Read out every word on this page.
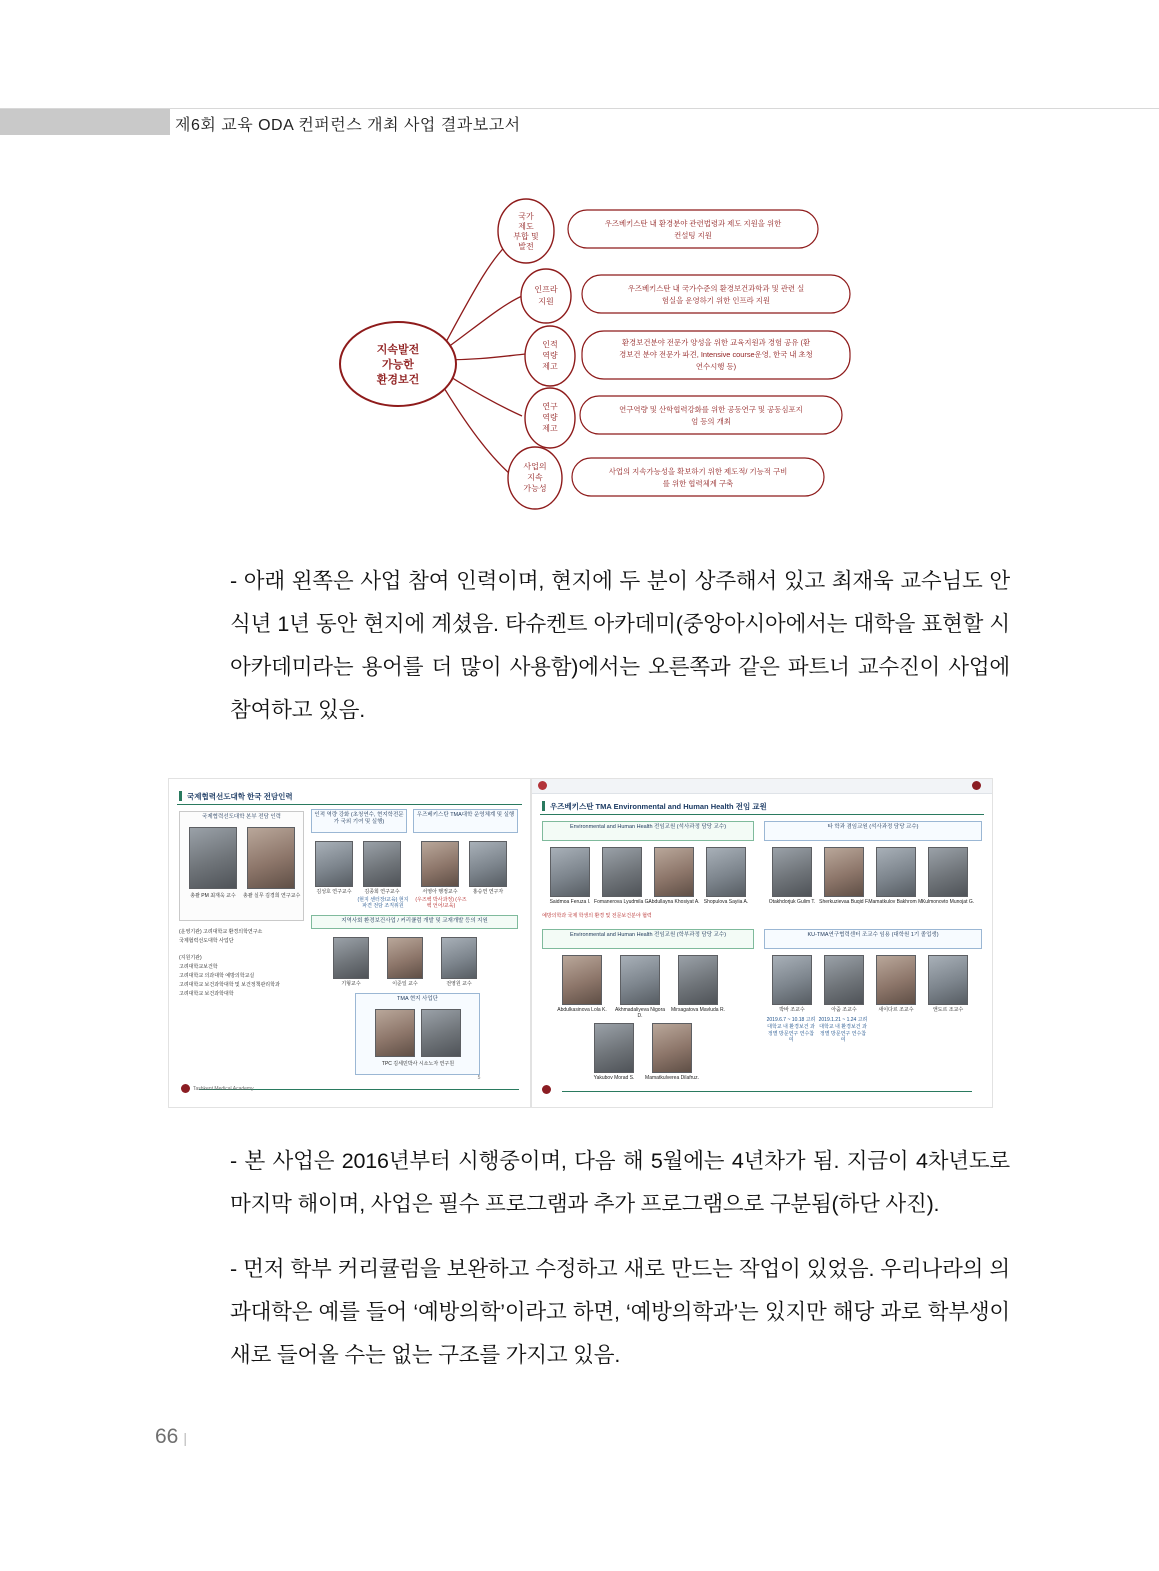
제6회 교육 ODA 컨퍼런스 개최 사업 결과보고서
지속발전
가능한
환경보건
국가
제도
부합 및
발전
우즈베키스탄 내 환경분야 관련법령과 제도 지원을 위한
컨설팅 지원
인프라
지원
우즈베키스탄 내 국가수준의 환경보건과학과 및 관련 실
험실을 운영하기 위한 인프라 지원
인적
역량
제고
환경보건분야 전문가 양성을 위한 교육지원과 경험 공유 (환
경보건 분야 전문가 파견, Intensive course운영, 한국 내 초청
연수시행 등)
연구
역량
제고
연구역량 및 산학협력강화를 위한 공동연구 및 공동심포지
엄 등의 개최
사업의
지속
가능성
사업의 지속가능성을 확보하기 위한 제도적/ 기능적 구비
를 위한 협력체계 구축
- 아래 왼쪽은 사업 참여 인력이며, 현지에 두 분이 상주해서 있고 최재욱 교수님도 안식년 1년 동안 현지에 계셨음. 타슈켄트 아카데미(중앙아시아에서는 대학을 표현할 시 아카데미라는 용어를 더 많이 사용함)에서는 오른쪽과 같은 파트너 교수진이 사업에 참여하고 있음.
국제협력선도대학 한국 전담인력
국제협력선도대학 본부 전담 인력
총괄 PM 최재욱 교수	총괄 실무 김경희 연구교수
인적 역량 강화 (초청연수, 현지학전문가 국외 기여 및 실행)
우즈베키스탄 TMA대학 운영체계 및 실행
김성호 연구교수	김종희 연구교수	서영아 행정교수	홍승연 연구자
(현지 센터장/교육) 현지 파견 전담 조직위원
(우즈벡 박사과정) (우즈벡 언어/교육)
지역사회 환경보건사업 / 커리큘럼 개발 및 교재개발 등의 지원
기형교수	이준일 교수	전영원 교수
TMA 현지 사업단
TPC 김세민박사 시소노자 연구원
(운영기관) 고려대학교 환경의학연구소
국제협력선도대학 사업단
(지원기관)
고려대학교보건학
고려대학교 의과대학 예방의학교실
고려대학교 보건과학대학 및 보건정책관리학과
고려대학교 보건과학대학
Tashkent Medical Academy
우즈베키스탄 TMA Environmental and Human Health 전임 교원
Environmental and Human Health 전임교원 (석사과정 담당 교수)	타 학과 겸임교원 (석사과정 담당 교수)
Saidmoa Feruza I. Fomanerova Lyudmila G.
Abdullayna Khosiyat A. Shopulova Sayiia A.	Otakhdorjuk Gulim T. Sherkuzievaa Buqid F. Mamatkulov Bakhrom M.
Kulmonovto Munojat G.
예방의학과 국제 학생의 환경 및 전문보건분야 협력
Environmental and Human Health 전임교원 (학부과정 담당 교수)	KU-TMA연구협력센터 조교수 임용 (대학원 1기 졸업생)
Abdulkasinova Lola K.	Akhmadaliyeva Nigora D.
Mirsagatova Mavluda R.
Yakubov Morad S.	Mamatkulverea Dilafruz.
박바 조교수	아줌 조교수	새이다르 조교수	앤도르 조교수
2019.6.7 ~ 10.18 고려대학교 내 환경보건 과정별 방문연구 연수참여
2019.1.21 ~ 1.24 고려대학교 내 환경보건 과정별 방문연구 연수참여
5
- 본 사업은 2016년부터 시행중이며, 다음 해 5월에는 4년차가 됨. 지금이 4차년도로 마지막 해이며, 사업은 필수 프로그램과 추가 프로그램으로 구분됨(하단 사진).
- 먼저 학부 커리큘럼을 보완하고 수정하고 새로 만드는 작업이 있었음. 우리나라의 의과대학은 예를 들어 ‘예방의학’이라고 하면, ‘예방의학과’는 있지만 해당 과로 학부생이 새로 들어올 수는 없는 구조를 가지고 있음.
66 |
